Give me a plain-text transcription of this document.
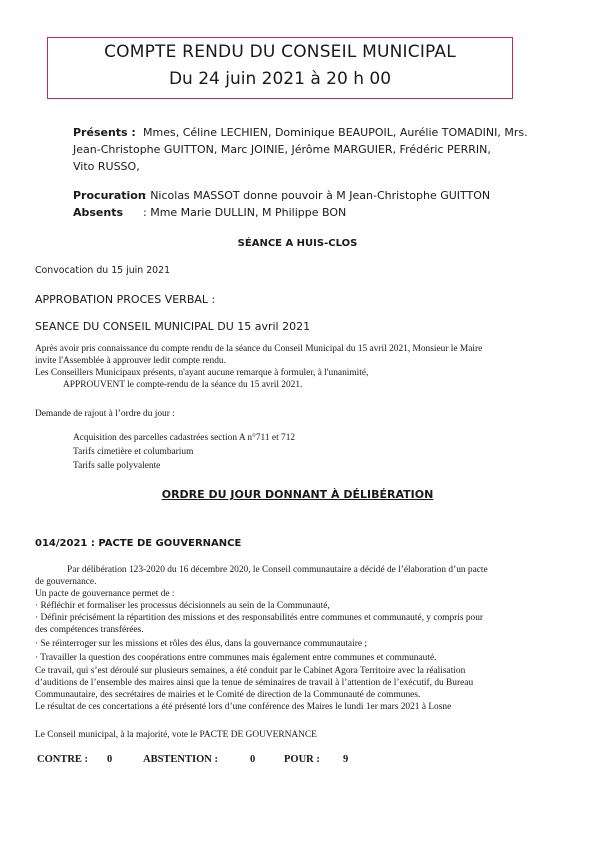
COMPTE RENDU DU CONSEIL MUNICIPAL
Du 24 juin 2021 à 20 h 00
Présents : Mmes, Céline LECHIEN, Dominique BEAUPOIL, Aurélie TOMADINI, Mrs.
Jean-Christophe GUITTON, Marc JOINIE, Jérôme MARGUIER, Frédéric PERRIN,
Vito RUSSO,
Procuration
: Nicolas MASSOT donne pouvoir à M Jean-Christophe GUITTON
Absents : Mme Marie DULLIN, M Philippe BON
SÉANCE A HUIS-CLOS
Convocation du 15 juin 2021
APPROBATION PROCES VERBAL :
SEANCE DU CONSEIL MUNICIPAL DU 15 avril 2021
Après avoir pris connaissance du compte rendu de la séance du Conseil Municipal du 15 avril 2021, Monsieur le Maire
invite l'Assemblée à approuver ledit compte rendu.
Les Conseillers Municipaux présents, n'ayant aucune remarque à formuler, à l'unanimité,
APPROUVENT le compte-rendu de la séance du 15 avril 2021.
Demande de rajout à l’ordre du jour :
Acquisition des parcelles cadastrées section A n°711 et 712
Tarifs cimetière et columbarium
Tarifs salle polyvalente
ORDRE DU JOUR DONNANT À DÉLIBÉRATION
014/2021 : PACTE DE GOUVERNANCE
Par délibération 123-2020 du 16 décembre 2020, le Conseil communautaire a décidé de l’élaboration d’un pacte
de gouvernance.
Un pacte de gouvernance permet de :
· Réfléchir et formaliser les processus décisionnels au sein de la Communauté,
· Définir précisément la répartition des missions et des responsabilités entre communes et communauté, y compris pour
des compétences transférées.
· Se réinterroger sur les missions et rôles des élus, dans la gouvernance communautaire ;
· Travailler la question des coopérations entre communes mais également entre communes et communauté.
Ce travail, qui s’est déroulé sur plusieurs semaines, a été conduit par le Cabinet Agora Territoire avec la réalisation
d’auditions de l’ensemble des maires ainsi que la tenue de séminaires de travail à l’attention de l’exécutif, du Bureau
Communautaire, des secrétaires de mairies et le Comité de direction de la Communauté de communes.
Le résultat de ces concertations a été présenté lors d’une conférence des Maires le lundi 1er mars 2021 à Losne
Le Conseil municipal, à la majorité, vote le PACTE DE GOUVERNANCE
CONTRE : 0	ABSTENTION :	0	POUR : 9
